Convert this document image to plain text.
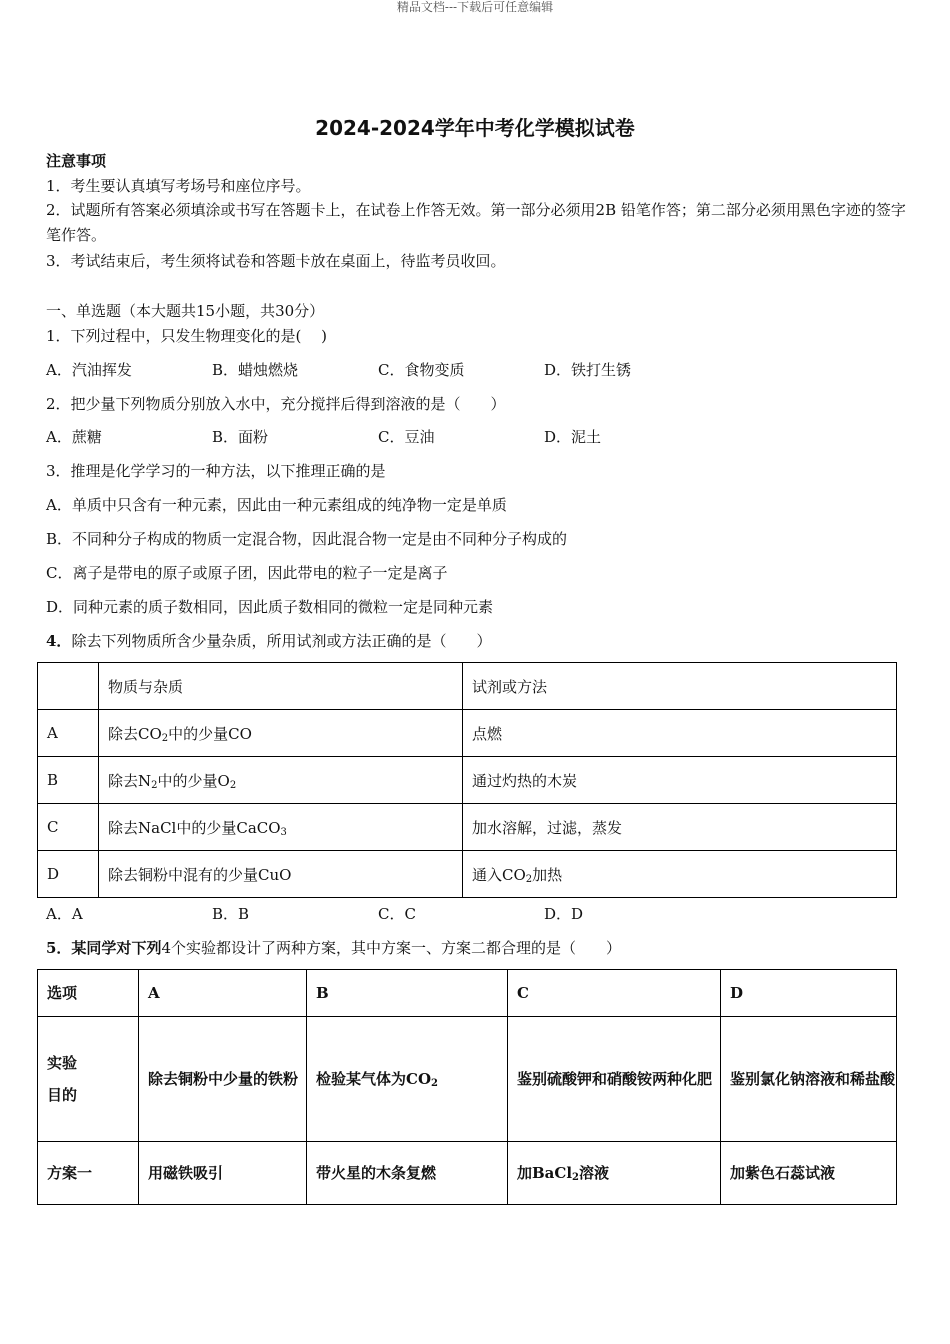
精品文档---下载后可任意编辑
2024-2024学年中考化学模拟试卷
注意事项
1．考生要认真填写考场号和座位序号。
2．试题所有答案必须填涂或书写在答题卡上，在试卷上作答无效。第一部分必须用2B 铅笔作答；第二部分必须用黑色字迹的签字笔作答。
3．考试结束后，考生须将试卷和答题卡放在桌面上，待监考员收回。
一、单选题（本大题共15小题，共30分）
1．下列过程中，只发生物理变化的是(　 )
A．汽油挥发	B．蜡烛燃烧	C．食物变质	D．铁打生锈
2．把少量下列物质分别放入水中，充分搅拌后得到溶液的是（　　）
A．蔗糖	B．面粉	C．豆油	D．泥土
3．推理是化学学习的一种方法，以下推理正确的是
A．单质中只含有一种元素，因此由一种元素组成的纯净物一定是单质
B．不同种分子构成的物质一定混合物，因此混合物一定是由不同种分子构成的
C．离子是带电的原子或原子团，因此带电的粒子一定是离子
D．同种元素的质子数相同，因此质子数相同的微粒一定是同种元素
4．除去下列物质所含少量杂质，所用试剂或方法正确的是（　　）
	物质与杂质	试剂或方法
A	除去$CO_2$中的少量CO	点燃
B	除去$N_2$中的少量$O_2$	通过灼热的木炭
C	除去NaCl中的少量CaCO$_3$	加水溶解，过滤，蒸发
D	除去铜粉中混有的少量CuO	通入$CO_2$加热
A．A	B．B	C．C	D．D
5．某同学对下列4个实验都设计了两种方案，其中方案一、方案二都合理的是（　　）
选项	A	B	C	D

实验
目的	除去铜粉中少量的铁粉	检验某气体为$CO_2$	鉴别硫酸钾和硝酸铵两种化肥	鉴别氯化钠溶液和稀盐酸
方案一	用磁铁吸引	带火星的木条复燃	加BaCl$_2$溶液	加紫色石蕊试液
